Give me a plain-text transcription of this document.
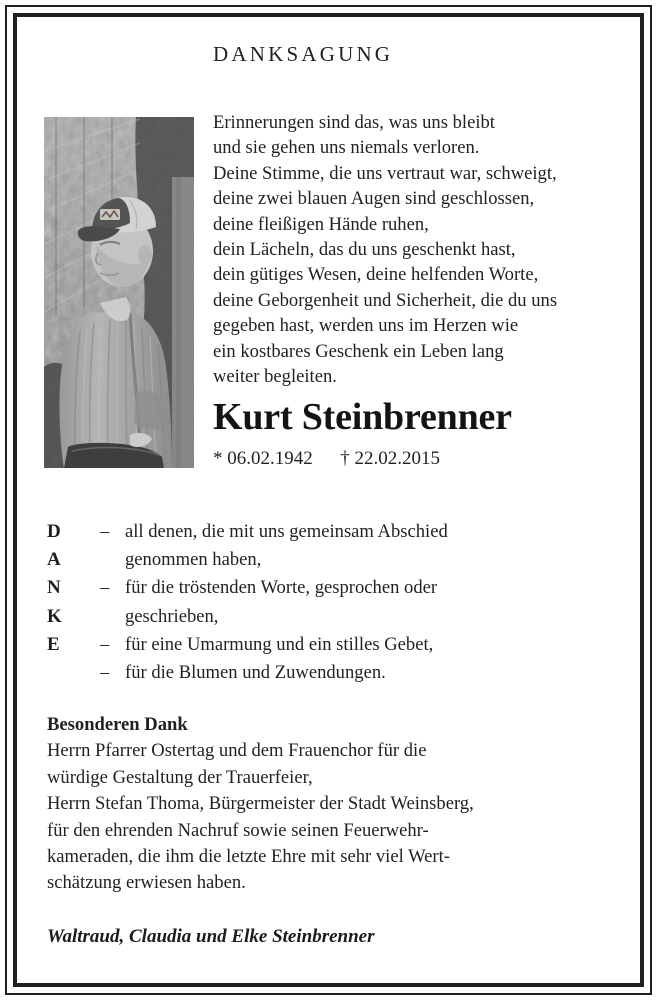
DANKSAGUNG
Erinnerungen sind das, was uns bleibt
und sie gehen uns niemals verloren.
Deine Stimme, die uns vertraut war, schweigt,
deine zwei blauen Augen sind geschlossen,
deine fleißigen Hände ruhen,
dein Lächeln, das du uns geschenkt hast,
dein gütiges Wesen, deine helfenden Worte,
deine Geborgenheit und Sicherheit, die du uns
gegeben hast, werden uns im Herzen wie
ein kostbares Geschenk ein Leben lang
weiter begleiten.
Kurt Steinbrenner
* 06.02.1942 † 22.02.2015
D
A
N
K
E
– all denen, die mit uns gemeinsam Abschied
genommen haben,
– für die tröstenden Worte, gesprochen oder
geschrieben,
– für eine Umarmung und ein stilles Gebet,
– für die Blumen und Zuwendungen.
Besonderen Dank
Herrn Pfarrer Ostertag und dem Frauenchor für die
würdige Gestaltung der Trauerfeier,
Herrn Stefan Thoma, Bürgermeister der Stadt Weinsberg,
für den ehrenden Nachruf sowie seinen Feuerwehr-
kameraden, die ihm die letzte Ehre mit sehr viel Wert-
schätzung erwiesen haben.
Waltraud, Claudia und Elke Steinbrenner
